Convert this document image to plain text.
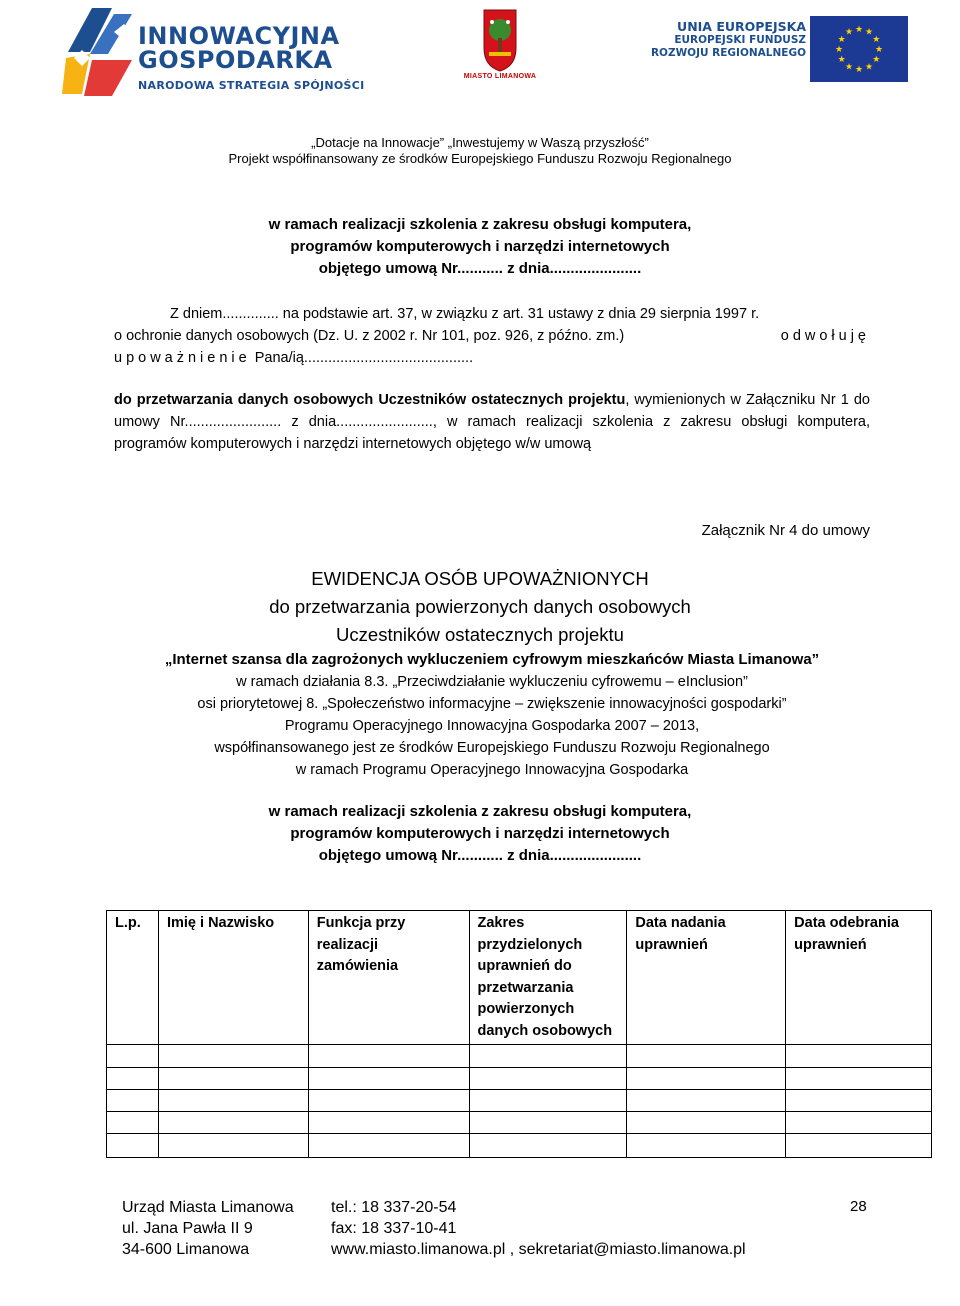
INNOWACYJNA
GOSPODARKA
NARODOWA STRATEGIA SPÓJNOŚCI
MIASTO LIMANOWA
UNIA EUROPEJSKA
EUROPEJSKI FUNDUSZ
ROZWOJU REGIONALNEGO
★ ★
★
★
★
★
★
★
★
★
★
★
„Dotacje na Innowacje” „Inwestujemy w Waszą przyszłość”
Projekt współfinansowany ze środków Europejskiego Funduszu Rozwoju Regionalnego
w ramach realizacji szkolenia z zakresu obsługi komputera,
programów komputerowych i narzędzi internetowych
objętego umową Nr........... z dnia......................
Z dniem.............. na podstawie art. 37, w związku z art. 31 ustawy z dnia 29 sierpnia 1997 r.
o ochronie danych osobowych (Dz. U. z 2002 r. Nr 101, poz. 926, z późno. zm.)	odwołuję
upoważnienie Pana/ią..........................................
do przetwarzania danych osobowych Uczestników ostatecznych projektu, wymienionych w Załączniku Nr 1 do umowy Nr........................ z dnia........................, w ramach realizacji szkolenia z zakresu obsługi komputera, programów komputerowych i narzędzi internetowych objętego w/w umową
Załącznik Nr 4 do umowy
EWIDENCJA OSÓB UPOWAŻNIONYCH
do przetwarzania powierzonych danych osobowych
Uczestników ostatecznych projektu
„Internet szansa dla zagrożonych wykluczeniem cyfrowym mieszkańców Miasta Limanowa”
w ramach działania 8.3. „Przeciwdziałanie wykluczeniu cyfrowemu – eInclusion”
osi priorytetowej 8. „Społeczeństwo informacyjne – zwiększenie innowacyjności gospodarki”
Programu Operacyjnego Innowacyjna Gospodarka 2007 – 2013,
współfinansowanego jest ze środków Europejskiego Funduszu Rozwoju Regionalnego
w ramach Programu Operacyjnego Innowacyjna Gospodarka
w ramach realizacji szkolenia z zakresu obsługi komputera,
programów komputerowych i narzędzi internetowych
objętego umową Nr........... z dnia......................
L.p.	Imię i Nazwisko	Funkcja przy realizacji zamówienia	Zakres przydzielonych uprawnień do przetwarzania powierzonych danych osobowych	Data nadania uprawnień	Data odebrania uprawnień

Urząd Miasta Limanowa
ul. Jana Pawła II 9
34-600 Limanowa
tel.: 18 337-20-54
fax: 18 337-10-41
www.miasto.limanowa.pl , sekretariat@miasto.limanowa.pl
28
